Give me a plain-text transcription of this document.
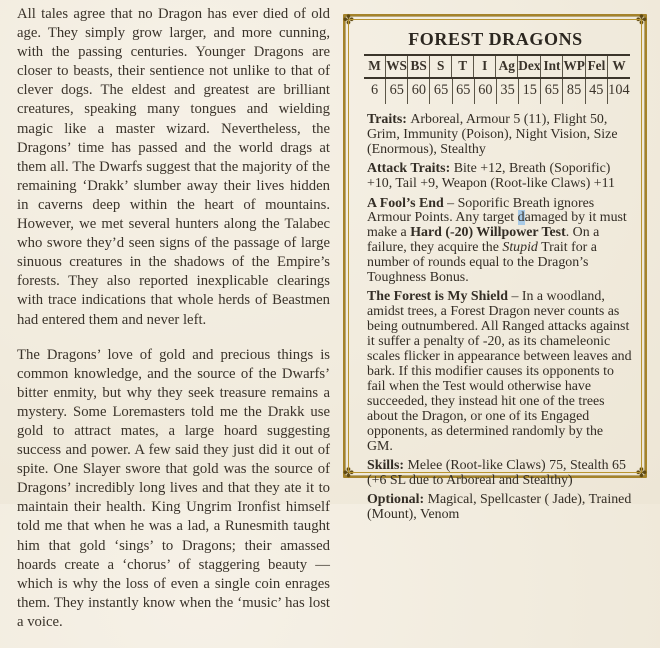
All tales agree that no Dragon has ever died of old age. They simply grow larger, and more cunning, with the passing centuries. Younger Dragons are closer to beasts, their sentience not unlike to that of clever dogs. The eldest and greatest are brilliant creatures, speaking many tongues and wielding magic like a master wizard. Nevertheless, the Dragons’ time has passed and the world drags at them all. The Dwarfs suggest that the majority of the remaining ‘Drakk’ slumber away their lives hidden in caverns deep within the heart of mountains. However, we met several hunters along the Talabec who swore they’d seen signs of the passage of large sinuous creatures in the shadows of the Empire’s forests. They also reported inexplicable clearings with trace indications that whole herds of Beastmen had entered them and never left.

The Dragons’ love of gold and precious things is common knowledge, and the source of the Dwarfs’ bitter enmity, but why they seek treasure remains a mystery. Some Loremasters told me the Drakk use gold to attract mates, a large hoard suggesting success and power. A few said they just did it out of spite. One Slayer swore that gold was the source of Dragons’ incredibly long lives and that they ate it to maintain their health. King Ungrim Ironfist himself told me that when he was a lad, a Runesmith taught him that gold ‘sings’ to Dragons; their amassed hoards create a ‘chorus’ of staggering beauty — which is why the loss of even a single coin enrages them. They instantly know when the ‘music’ has lost a voice.

✤	✤
✤	✤
FOREST DRAGONS
M WS BS S	T	I Ag Dex Int WP Fel W
6 65 60 65 65 60 35 15 65 85 45 104

Traits: Arboreal, Armour 5 (11), Flight 50, Grim, Immunity (Poison), Night Vision, Size (Enormous), Stealthy

Attack Traits: Bite +12, Breath (Soporific) +10, Tail +9, Weapon (Root-like Claws) +11

A Fool’s End – Soporific Breath ignores Armour Points. Any target damaged by it must make a Hard (-20) Willpower Test. On a failure, they acquire the Stupid Trait for a number of rounds equal to the Dragon’s Toughness Bonus.

The Forest is My Shield – In a woodland, amidst trees, a Forest Dragon never counts as being outnumbered. All Ranged attacks against it suffer a penalty of -20, as its chameleonic scales flicker in appearance between leaves and bark. If this modifier causes its opponents to fail when the Test would otherwise have succeeded, they instead hit one of the trees about the Dragon, or one of its Engaged opponents, as determined randomly by the GM.

Skills: Melee (Root-like Claws) 75, Stealth 65 (+6 SL due to Arboreal and Stealthy)

Optional: Magical, Spellcaster ( Jade), Trained (Mount), Venom
